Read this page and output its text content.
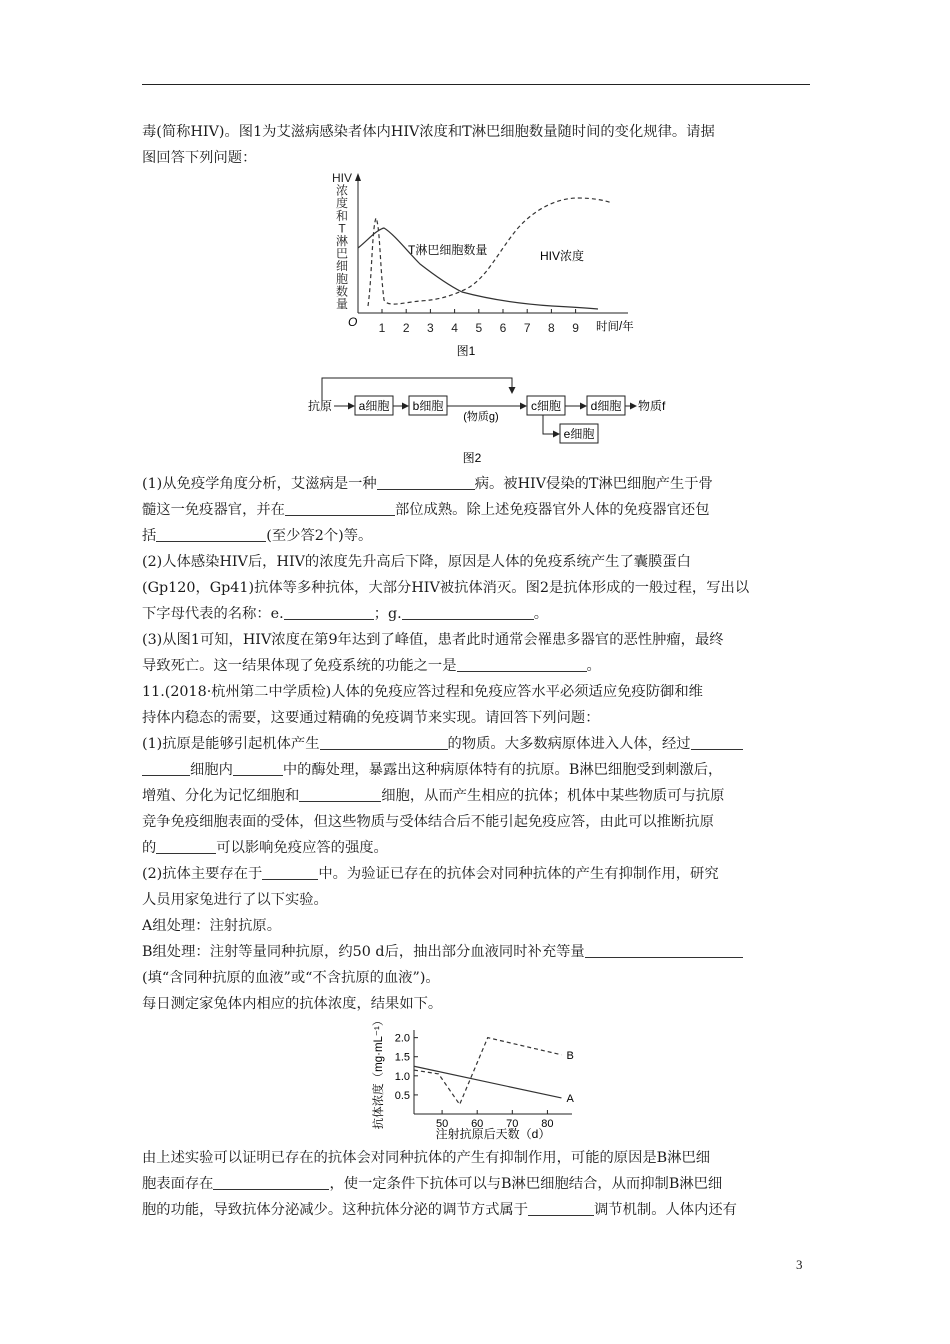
毒(简称HIV)。图1为艾滋病感染者体内HIV浓度和T淋巴细胞数量随时间的变化规律。请据
图回答下列问题：
HIV
浓
度
和
T
淋
巴
细
胞
数
量
O 1 2 3 4 5 6 7 8 9 时间/年
T淋巴细胞数量	HIV浓度
图1
抗原 a细胞 b细胞
(物质g)
c细胞 d细胞 物质f
e细胞
图2
(1)从免疫学角度分析，艾滋病是一种	病。被HIV侵染的T淋巴细胞产生于骨
髓这一免疫器官，并在	部位成熟。除上述免疫器官外人体的免疫器官还包
括	(至少答2个)等。
(2)人体感染HIV后，HIV的浓度先升高后下降，原因是人体的免疫系统产生了囊膜蛋白
(Gp120，Gp41)抗体等多种抗体，大部分HIV被抗体消灭。图2是抗体形成的一般过程，写出以
下字母代表的名称：e.	；g.	。
(3)从图1可知，HIV浓度在第9年达到了峰值，患者此时通常会罹患多器官的恶性肿瘤，最终
导致死亡。这一结果体现了免疫系统的功能之一是	。
11.(2018·杭州第二中学质检)人体的免疫应答过程和免疫应答水平必须适应免疫防御和维
持体内稳态的需要，这要通过精确的免疫调节来实现。请回答下列问题：
(1)抗原是能够引起机体产生	的物质。大多数病原体进入人体，经过
细胞内	中的酶处理，暴露出这种病原体特有的抗原。B淋巴细胞受到刺激后，
增殖、分化为记忆细胞和	细胞，从而产生相应的抗体；机体中某些物质可与抗原
竞争免疫细胞表面的受体，但这些物质与受体结合后不能引起免疫应答，由此可以推断抗原
的	可以影响免疫应答的强度。
(2)抗体主要存在于	中。为验证已存在的抗体会对同种抗体的产生有抑制作用，研究
人员用家兔进行了以下实验。
A组处理：注射抗原。
B组处理：注射等量同种抗原，约50 d后，抽出部分血液同时补充等量
(填“含同种抗原的血液”或“不含抗原的血液”)。
每日测定家兔体内相应的抗体浓度，结果如下。
0.5
1.0
1.5
2.0
50 60 70 80
A
B
抗体浓度（mg·mL⁻¹）
注射抗原后天数（d）
由上述实验可以证明已存在的抗体会对同种抗体的产生有抑制作用，可能的原因是B淋巴细
胞表面存在	，使一定条件下抗体可以与B淋巴细胞结合，从而抑制B淋巴细
胞的功能，导致抗体分泌减少。这种抗体分泌的调节方式属于	调节机制。人体内还有
3
